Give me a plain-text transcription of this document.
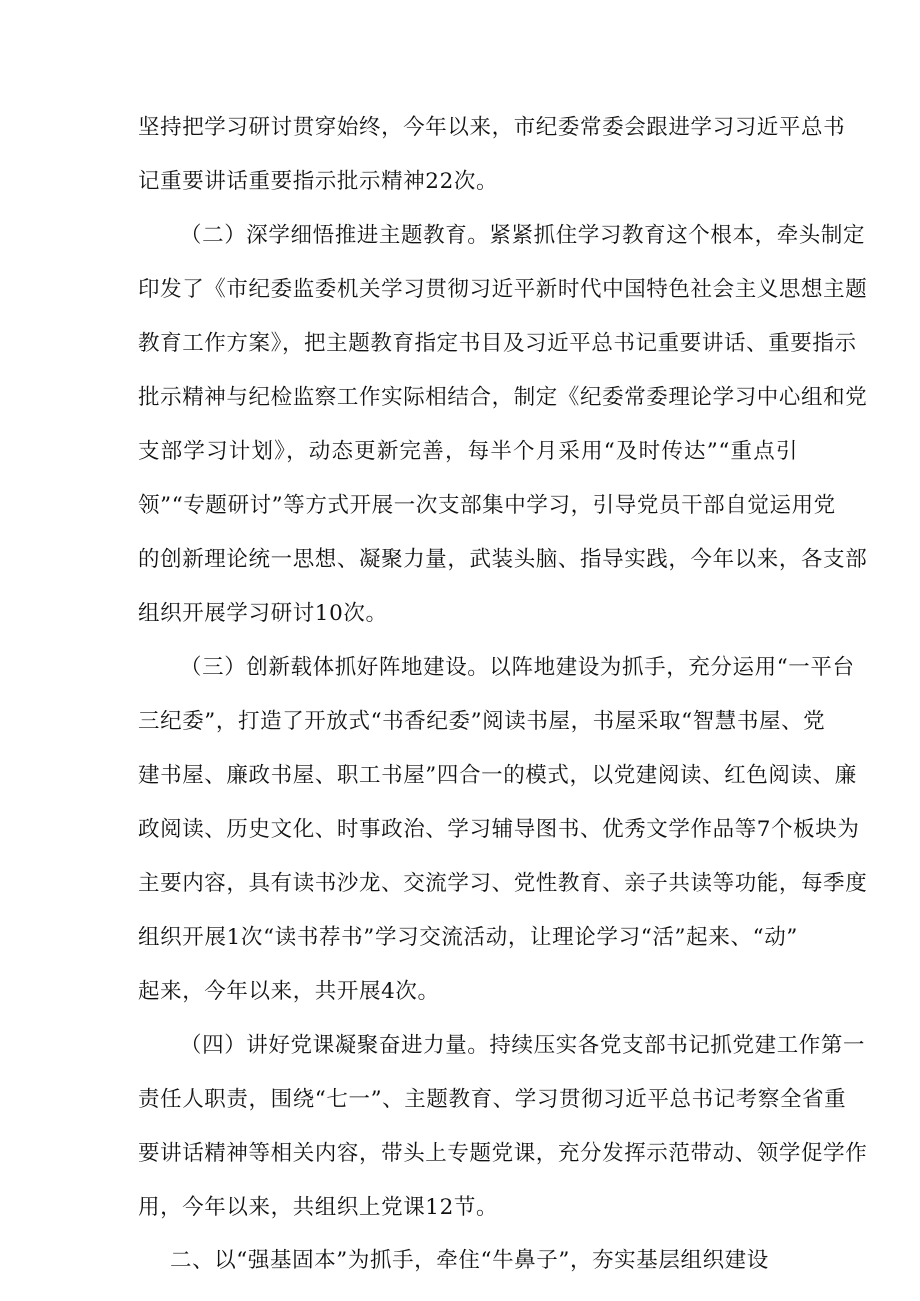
坚持把学习研讨贯穿始终，今年以来，市纪委常委会跟进学习习近平总书
记重要讲话重要指示批示精神22次。
（二）深学细悟推进主题教育。紧紧抓住学习教育这个根本，牵头制定
印发了《市纪委监委机关学习贯彻习近平新时代中国特色社会主义思想主题
教育工作方案》，把主题教育指定书目及习近平总书记重要讲话、重要指示
批示精神与纪检监察工作实际相结合，制定《纪委常委理论学习中心组和党
支部学习计划》，动态更新完善，每半个月采用“及时传达”“重点引
领”“专题研讨”等方式开展一次支部集中学习，引导党员干部自觉运用党
的创新理论统一思想、凝聚力量，武装头脑、指导实践，今年以来，各支部
组织开展学习研讨10次。
（三）创新载体抓好阵地建设。以阵地建设为抓手，充分运用“一平台
三纪委”，打造了开放式“书香纪委”阅读书屋，书屋采取“智慧书屋、党
建书屋、廉政书屋、职工书屋”四合一的模式，以党建阅读、红色阅读、廉
政阅读、历史文化、时事政治、学习辅导图书、优秀文学作品等7个板块为
主要内容，具有读书沙龙、交流学习、党性教育、亲子共读等功能，每季度
组织开展1次“读书荐书”学习交流活动，让理论学习“活”起来、“动”
起来，今年以来，共开展4次。
（四）讲好党课凝聚奋进力量。持续压实各党支部书记抓党建工作第一
责任人职责，围绕“七一”、主题教育、学习贯彻习近平总书记考察全省重
要讲话精神等相关内容，带头上专题党课，充分发挥示范带动、领学促学作
用，今年以来，共组织上党课12节。
二、以“强基固本”为抓手，牵住“牛鼻子”，夯实基层组织建设
